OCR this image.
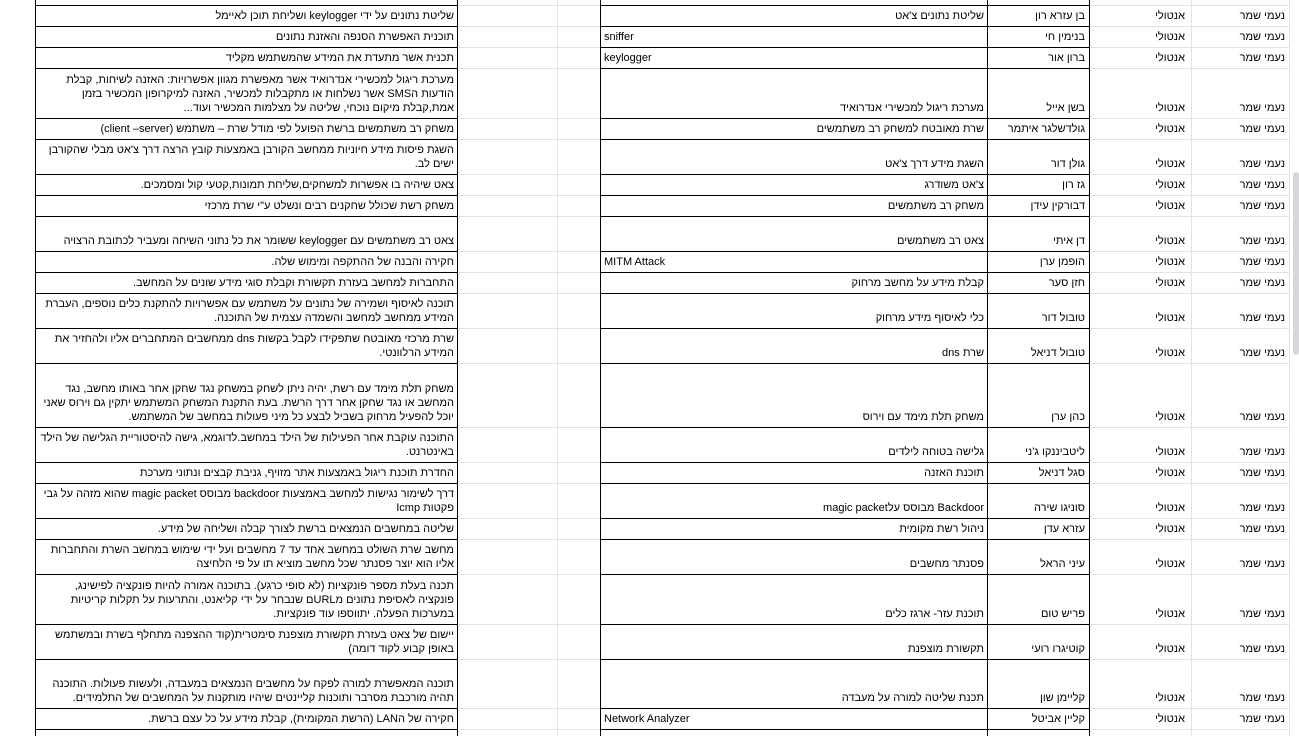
שליטת נתונים על ידי keylogger ושליחת תוכן לאיימל	שליטת נתונים צ'אט	בן עזרא רון	אנטולי	נעמי שמר
תוכנית האפשרת הסנפה והאזנת נתונים	sniffer	בנימין חי	אנטולי	נעמי שמר
תכנית אשר מתעדת את המידע שהמשתמש מקליד	keylogger	ברון אור	אנטולי	נעמי שמר
מערכת ריגול למכשירי אנדרואיד אשר מאפשרת מגוון אפשרויות: האזנה לשיחות, קבלת הודעות הSMS אשר נשלחות או מתקבלות למכשיר, האזנה למיקרופון המכשיר בזמן אמת,קבלת מיקום נוכחי, שליטה על מצלמות המכשיר ועוד...	מערכת ריגול למכשירי אנדרואיד	בשן אייל	אנטולי	נעמי שמר
משחק רב משתמשים ברשת הפועל לפי מודל שרת – משתמש (client –server)	שרת מאובטח למשחק רב משתמשים	גולדשלגר איתמר	אנטולי	נעמי שמר
השגת פיסות מידע חיוניות ממחשב הקורבן באמצעות קובץ הרצה דרך צ'אט מבלי שהקורבן ישים לב.	השגת מידע דרך צ'אט	גולן דור	אנטולי	נעמי שמר
צאט שיהיה בו אפשרות למשחקים,שליחת תמונות,קטעי קול ומסמכים.	צ'אט משודרג	גז רון	אנטולי	נעמי שמר
משחק רשת שכולל שחקנים רבים ונשלט ע"י שרת מרכזי	משחק רב משתמשים	דבורקין עידן	אנטולי	נעמי שמר
צאט רב משתמשים עם keylogger ששומר את כל נתוני השיחה ומעביר לכתובת הרצויה	צאט רב משתמשים	דן איתי	אנטולי	נעמי שמר
חקירה והבנה של ההתקפה ומימוש שלה.	MITM Attack	הופמן ערן	אנטולי	נעמי שמר
התחברות למחשב בעזרת תקשורת וקבלת סוגי מידע שונים על המחשב.	קבלת מידע על מחשב מרחוק	חזן סער	אנטולי	נעמי שמר
תוכנה לאיסוף ושמירה של נתונים על משתמש עם אפשרויות להתקנת כלים נוספים, העברת המידע ממחשב למחשב והשמדה עצמית של התוכנה.	כלי לאיסוף מידע מרחוק	טובול דור	אנטולי	נעמי שמר
שרת מרכזי מאובטח שתפקידו לקבל בקשות dns ממחשבים המתחברים אליו ולהחזיר את המידע הרלוונטי.	שרת dns	טובול דניאל	אנטולי	נעמי שמר
משחק תלת מימד עם רשת, יהיה ניתן לשחק במשחק נגד שחקן אחר באותו מחשב, נגד המחשב או נגד שחקן אחר דרך הרשת. בעת התקנת המשחק המשתמש יתקין גם וירוס שאני יוכל להפעיל מרחוק בשביל לבצע כל מיני פעולות במחשב של המשתמש.	משחק תלת מימד עם וירוס	כהן ערן	אנטולי	נעמי שמר
התוכנה עוקבת אחר הפעילות של הילד במחשב.לדוגמא, גישה להיסטוריית הגלישה של הילד באינטרנט.	גלישה בטוחה לילדים	ליטביננקו ג'ני	אנטולי	נעמי שמר
החדרת תוכנת ריגול באמצעות אתר מזויף, גניבת קבצים ונתוני מערכת	תוכנת האזנה	סגל דניאל	אנטולי	נעמי שמר
דרך לשימור נגישות למחשב באמצעות backdoor מבוסס magic packet שהוא מזהה על גבי פקטות Icmp	Backdoor מבוסס עלmagic packet	סוניגו שירה	אנטולי	נעמי שמר
שליטה במחשבים הנמצאים ברשת לצורך קבלה ושליחה של מידע.	ניהול רשת מקומית	עזרא עדן	אנטולי	נעמי שמר
מחשב שרת השולט במחשב אחד עד 7 מחשבים ועל ידי שימוש במחשב השרת והתחברות אליו הוא יוצר פסנתר שכל מחשב מוציא תו על פי הלחיצה	פסנתר מחשבים	עיני הראל	אנטולי	נעמי שמר
תכנה בעלת מספר פונקציות (לא סופי כרגע). בתוכנה אמורה להיות פונקציה לפישינג, פונקציה לאסיפת נתונים מURLם שנבחר על ידי קליאנט, והתרעות על תקלות קריטיות במערכות הפעלה. יתווספו עוד פונקציות.	תוכנת עזר- ארגז כלים	פריש טום	אנטולי	נעמי שמר
יישום של צאט בעזרת תקשורת מוצפנת סימטרית(קוד ההצפנה מתחלף בשרת ובמשתמש באופן קבוע לקוד דומה)	תקשורת מוצפנת	קוטיגרו רועי	אנטולי	נעמי שמר
תוכנה המאפשרת למורה לפקח על מחשבים הנמצאים במעבדה, ולעשות פעולות. התוכנה תהיה מורכבת מסרבר ותוכנות קליינטים שיהיו מותקנות על המחשבים של התלמידים.	תכנת שליטה למורה על מעבדה	קליימן שון	אנטולי	נעמי שמר
חקירה של הLAN (הרשת המקומית), קבלת מידע על כל עצם ברשת.	Network Analyzer	קליין אביטל	אנטולי	נעמי שמר
